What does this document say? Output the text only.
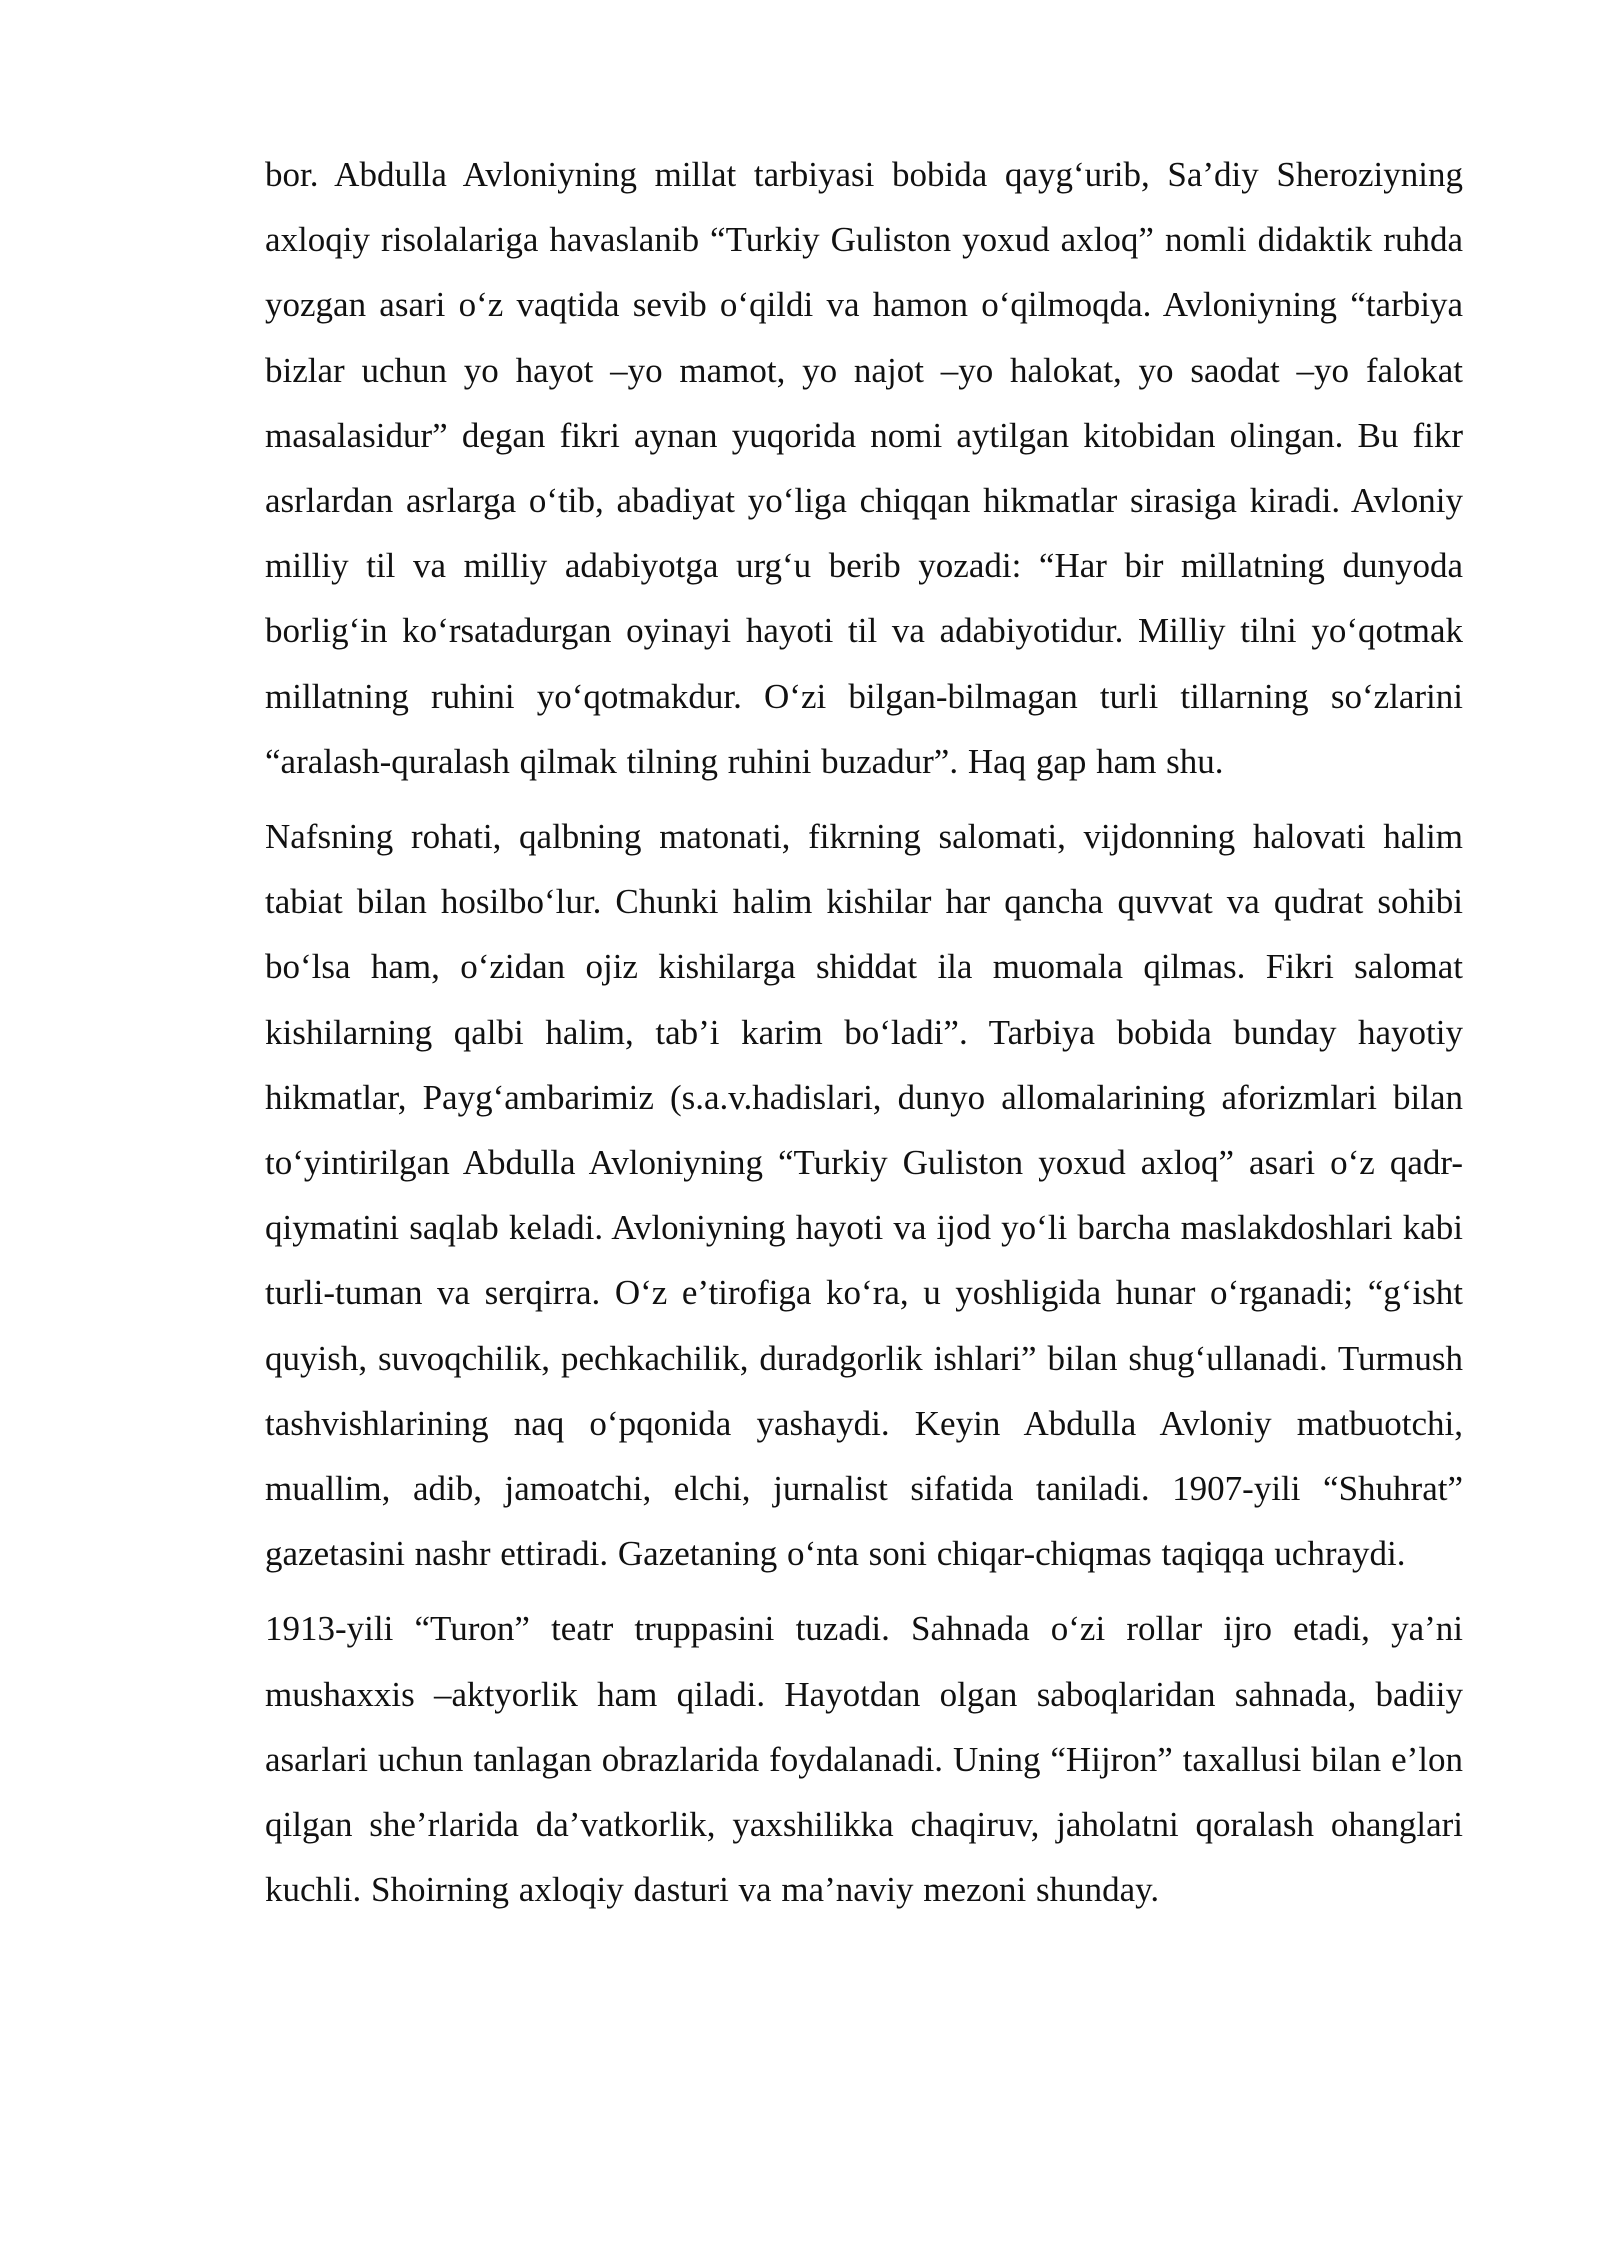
bor. Abdulla Avloniyning millat tarbiyasi bobida qayg‘urib, Sa’diy Sheroziyning axloqiy risolalariga havaslanib “Turkiy Guliston yoxud axloq” nomli didaktik ruhda yozgan asari o‘z vaqtida sevib o‘qildi va hamon o‘qilmoqda. Avloniyning “tarbiya bizlar uchun yo hayot –yo mamot, yo najot –yo halokat, yo saodat –yo falokat masalasidur” degan fikri aynan yuqorida nomi aytilgan kitobidan olingan. Bu fikr asrlardan asrlarga o‘tib, abadiyat yo‘liga chiqqan hikmatlar sirasiga kiradi. Avloniy milliy til va milliy adabiyotga urg‘u berib yozadi: “Har bir millatning dunyoda borlig‘in ko‘rsatadurgan oyinayi hayoti til va adabiyotidur. Milliy tilni yo‘qotmak millatning ruhini yo‘qotmakdur. O‘zi bilgan-bilmagan turli tillarning so‘zlarini “aralash-quralash qilmak tilning ruhini buzadur”. Haq gap ham shu.

Nafsning rohati, qalbning matonati, fikrning salomati, vijdonning halovati halim tabiat bilan hosilbo‘lur. Chunki halim kishilar har qancha quvvat va qudrat sohibi bo‘lsa ham, o‘zidan ojiz kishilarga shiddat ila muomala qilmas. Fikri salomat kishilarning qalbi halim, tab’i karim bo‘ladi”. Tarbiya bobida bunday hayotiy hikmatlar, Payg‘ambarimiz (s.a.v.hadislari, dunyo allomalarining aforizmlari bilan to‘yintirilgan Abdulla Avloniyning “Turkiy Guliston yoxud axloq” asari o‘z qadr-qiymatini saqlab keladi. Avloniyning hayoti va ijod yo‘li barcha maslakdoshlari kabi turli-tuman va serqirra. O‘z e’tirofiga ko‘ra, u yoshligida hunar o‘rganadi; “g‘isht quyish, suvoqchilik, pechkachilik, duradgorlik ishlari” bilan shug‘ullanadi. Turmush tashvishlarining naq o‘pqonida yashaydi. Keyin Abdulla Avloniy matbuotchi, muallim, adib, jamoatchi, elchi, jurnalist sifatida taniladi. 1907-yili “Shuhrat” gazetasini nashr ettiradi. Gazetaning o‘nta soni chiqar-chiqmas taqiqqa uchraydi.

1913-yili “Turon” teatr truppasini tuzadi. Sahnada o‘zi rollar ijro etadi, ya’ni mushaxxis –aktyorlik ham qiladi. Hayotdan olgan saboqlaridan sahnada, badiiy asarlari uchun tanlagan obrazlarida foydalanadi. Uning “Hijron” taxallusi bilan e’lon qilgan she’rlarida da’vatkorlik, yaxshilikka chaqiruv, jaholatni qoralash ohanglari kuchli. Shoirning axloqiy dasturi va ma’naviy mezoni shunday.
